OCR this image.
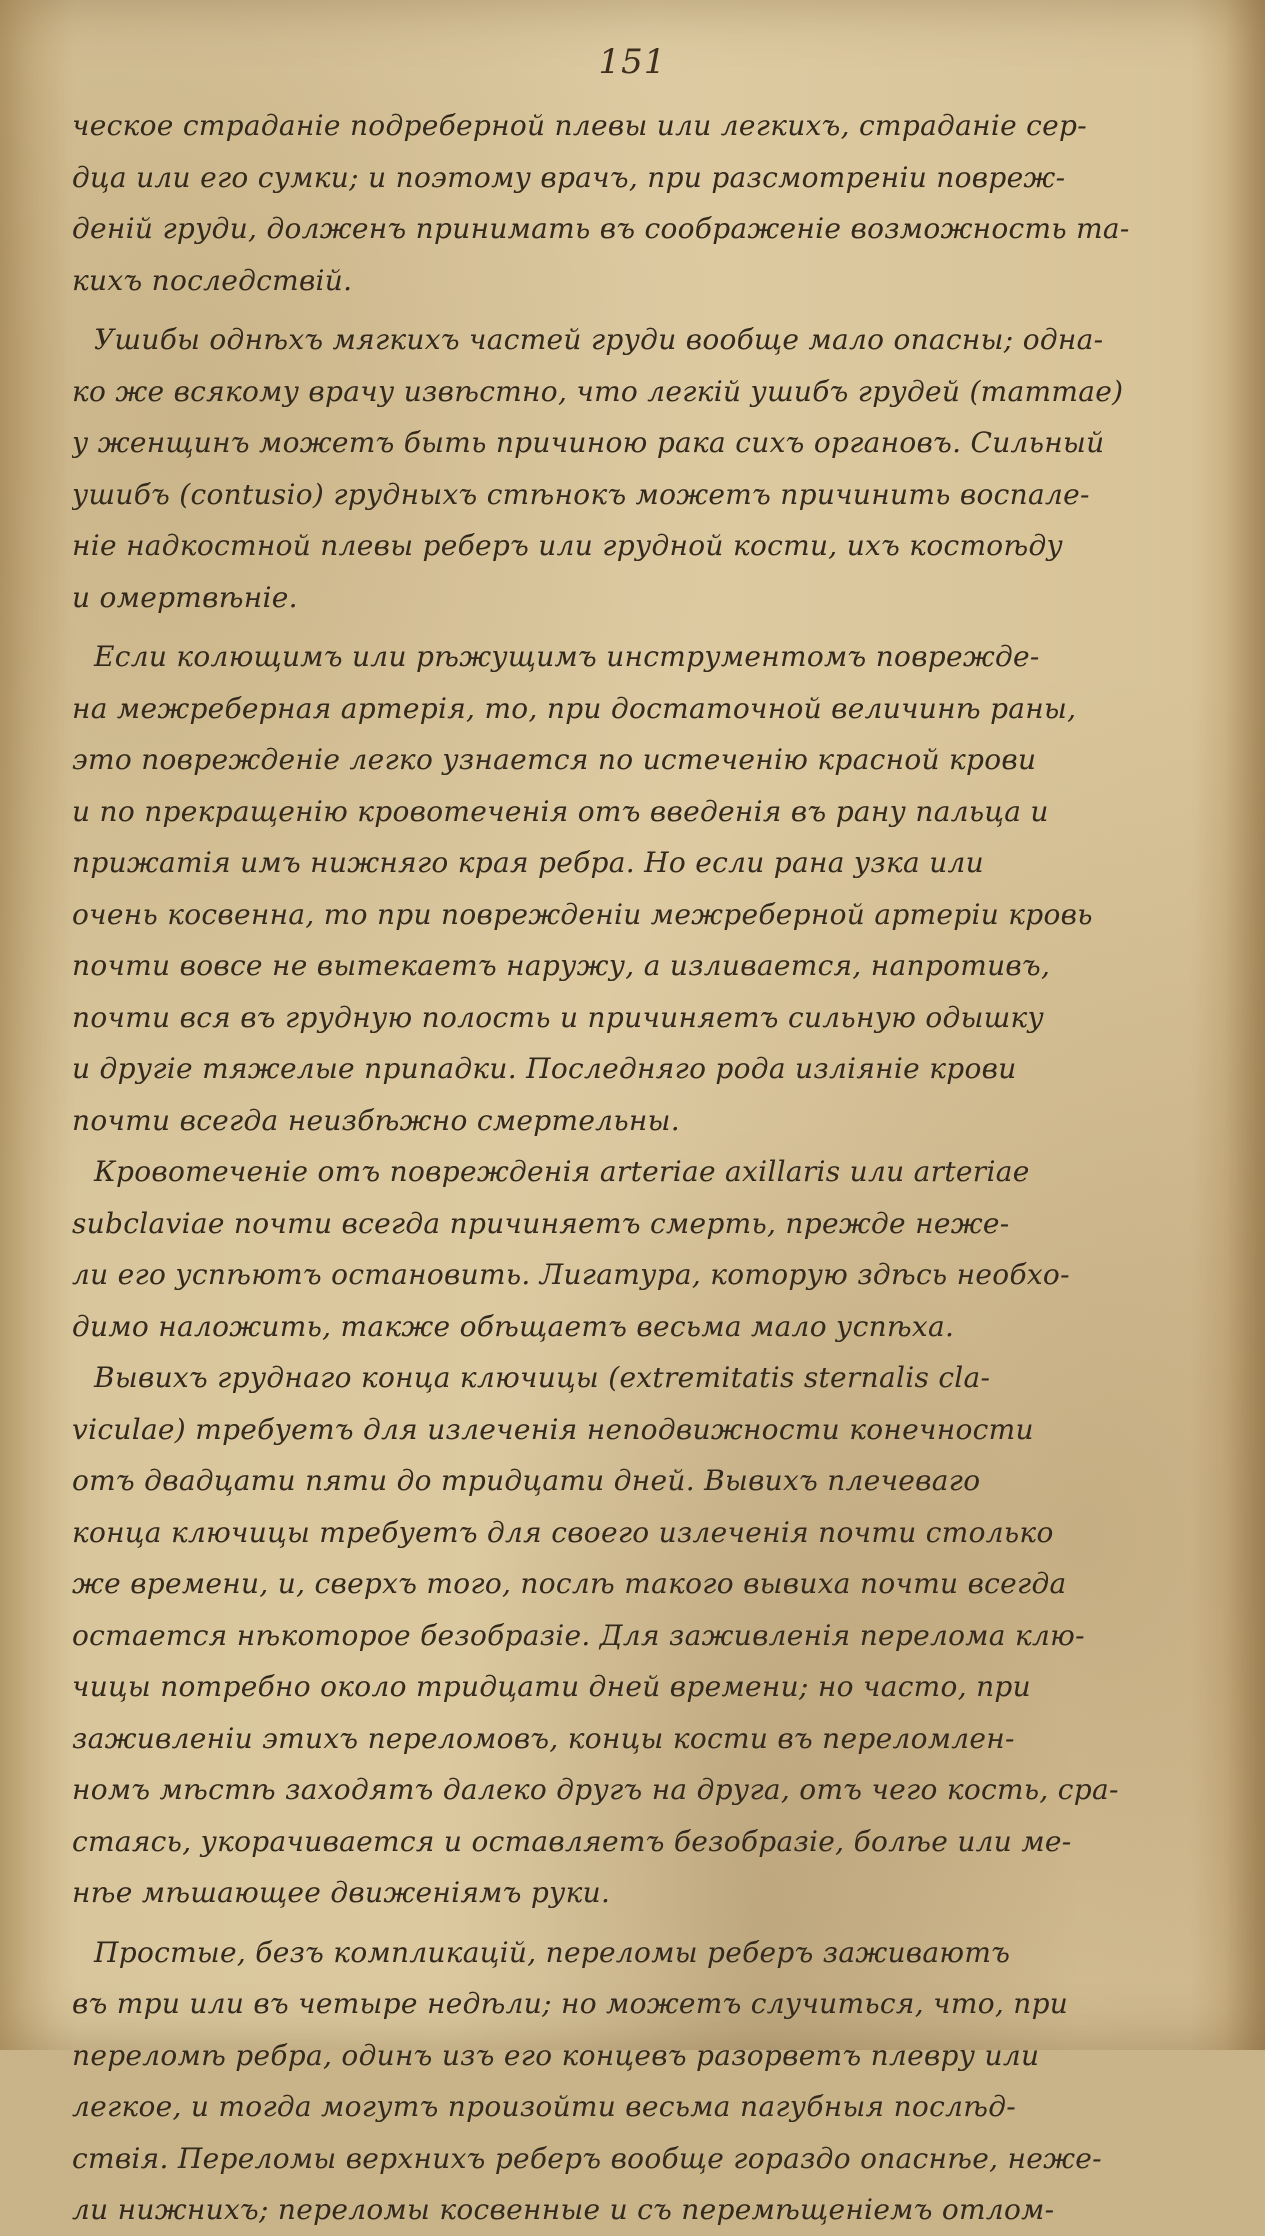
151
ческое страданіе подреберной плевы или легкихъ, страданіе сер-
дца или его сумки; и поэтому врачъ, при разсмотреніи повреж-
деній груди, долженъ принимать въ соображеніе возможность та-
кихъ последствій.
Ушибы однѣхъ мягкихъ частей груди вообще мало опасны; одна-
ко же всякому врачу извѣстно, что легкій ушибъ грудей (mammae)
у женщинъ можетъ быть причиною рака сихъ органовъ. Сильный
ушибъ (contusio) грудныхъ стѣнокъ можетъ причинить воспале-
ніе надкостной плевы реберъ или грудной кости, ихъ костоѣду
и омертвѣніе.
Если колющимъ или рѣжущимъ инструментомъ поврежде-
на межреберная артерія, то, при достаточной величинѣ раны,
это поврежденіе легко узнается по истеченію красной крови
и по прекращенію кровотеченія отъ введенія въ рану пальца и
прижатія имъ нижняго края ребра. Но если рана узка или
очень косвенна, то при поврежденіи межреберной артеріи кровь
почти вовсе не вытекаетъ наружу, а изливается, напротивъ,
почти вся въ грудную полость и причиняетъ сильную одышку
и другіе тяжелые припадки. Последняго рода изліяніе крови
почти всегда неизбѣжно смертельны.
Кровотеченіе отъ поврежденія arteriae axillaris или arteriae
subclaviae почти всегда причиняетъ смерть, прежде неже-
ли его успѣютъ остановить. Лигатура, которую здѣсь необхо-
димо наложить, также обѣщаетъ весьма мало успѣха.
Вывихъ груднаго конца ключицы (extremitatis sternalis cla-
viculae) требуетъ для излеченія неподвижности конечности
отъ двадцати пяти до тридцати дней. Вывихъ плечеваго
конца ключицы требуетъ для своего излеченія почти столько
же времени, и, сверхъ того, послѣ такого вывиха почти всегда
остается нѣкоторое безобразіе. Для заживленія перелома клю-
чицы потребно около тридцати дней времени; но часто, при
заживленіи этихъ переломовъ, концы кости въ переломлен-
номъ мѣстѣ заходятъ далеко другъ на друга, отъ чего кость, сра-
стаясь, укорачивается и оставляетъ безобразіе, болѣе или ме-
нѣе мѣшающее движеніямъ руки.
Простые, безъ компликацій, переломы реберъ заживаютъ
въ три или въ четыре недѣли; но можетъ случиться, что, при
переломѣ ребра, одинъ изъ его концевъ разорветъ плевру или
легкое, и тогда могутъ произойти весьма пагубныя послѣд-
ствія. Переломы верхнихъ реберъ вообще гораздо опаснѣе, неже-
ли нижнихъ; переломы косвенные и съ перемѣщеніемъ отлом-
